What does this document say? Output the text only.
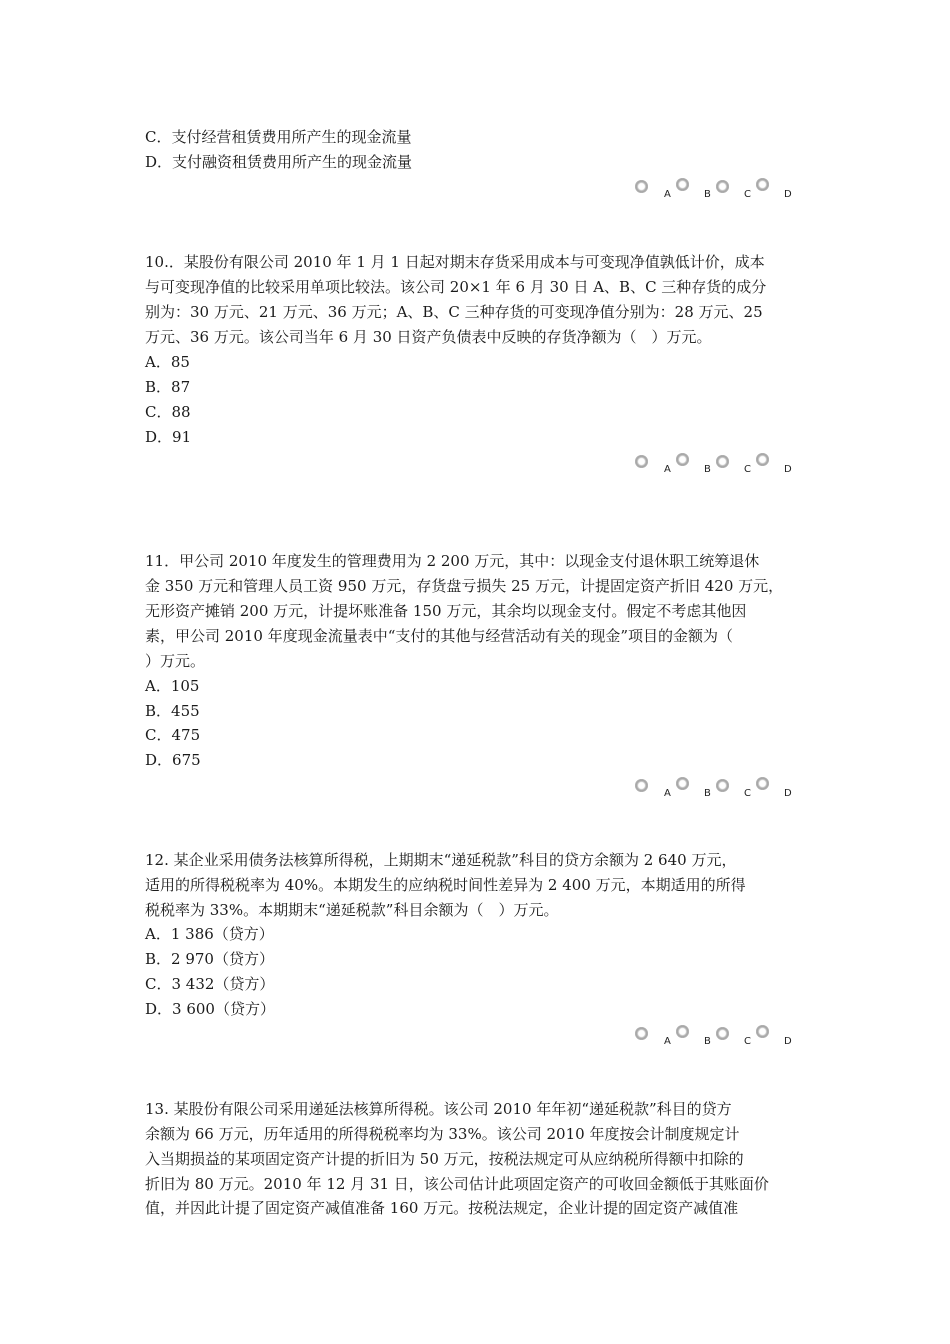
C．支付经营租赁费用所产生的现金流量
D．支付融资租赁费用所产生的现金流量
A	B	C	D
10.．某股份有限公司 2010 年 1 月 1 日起对期末存货采用成本与可变现净值孰低计价，成本
与可变现净值的比较采用单项比较法。该公司 20×1 年 6 月 30 日 A、B、C 三种存货的成分
别为：30 万元、21 万元、36 万元；A、B、C 三种存货的可变现净值分别为：28 万元、25
万元、36 万元。该公司当年 6 月 30 日资产负债表中反映的存货净额为（　）万元。
A．85
B．87
C．88
D．91
A	B	C	D
11．甲公司 2010 年度发生的管理费用为 2 200 万元，其中：以现金支付退休职工统筹退休
金 350 万元和管理人员工资 950 万元，存货盘亏损失 25 万元，计提固定资产折旧 420 万元，
无形资产摊销 200 万元，计提坏账准备 150 万元，其余均以现金支付。假定不考虑其他因
素，甲公司 2010 年度现金流量表中“支付的其他与经营活动有关的现金”项目的金额为（
）万元。
A．105
B．455
C．475
D．675
A	B	C	D
12. 某企业采用债务法核算所得税，上期期末“递延税款”科目的贷方余额为 2 640 万元，
适用的所得税税率为 40%。本期发生的应纳税时间性差异为 2 400 万元，本期适用的所得
税税率为 33%。本期期末“递延税款”科目余额为（　）万元。
A．1 386（贷方）
B．2 970（贷方）
C．3 432（贷方）
D．3 600（贷方）
A	B	C	D
13. 某股份有限公司采用递延法核算所得税。该公司 2010 年年初“递延税款”科目的贷方
余额为 66 万元，历年适用的所得税税率均为 33%。该公司 2010 年度按会计制度规定计
入当期损益的某项固定资产计提的折旧为 50 万元，按税法规定可从应纳税所得额中扣除的
折旧为 80 万元。2010 年 12 月 31 日，该公司估计此项固定资产的可收回金额低于其账面价
值，并因此计提了固定资产减值准备 160 万元。按税法规定，企业计提的固定资产减值准
